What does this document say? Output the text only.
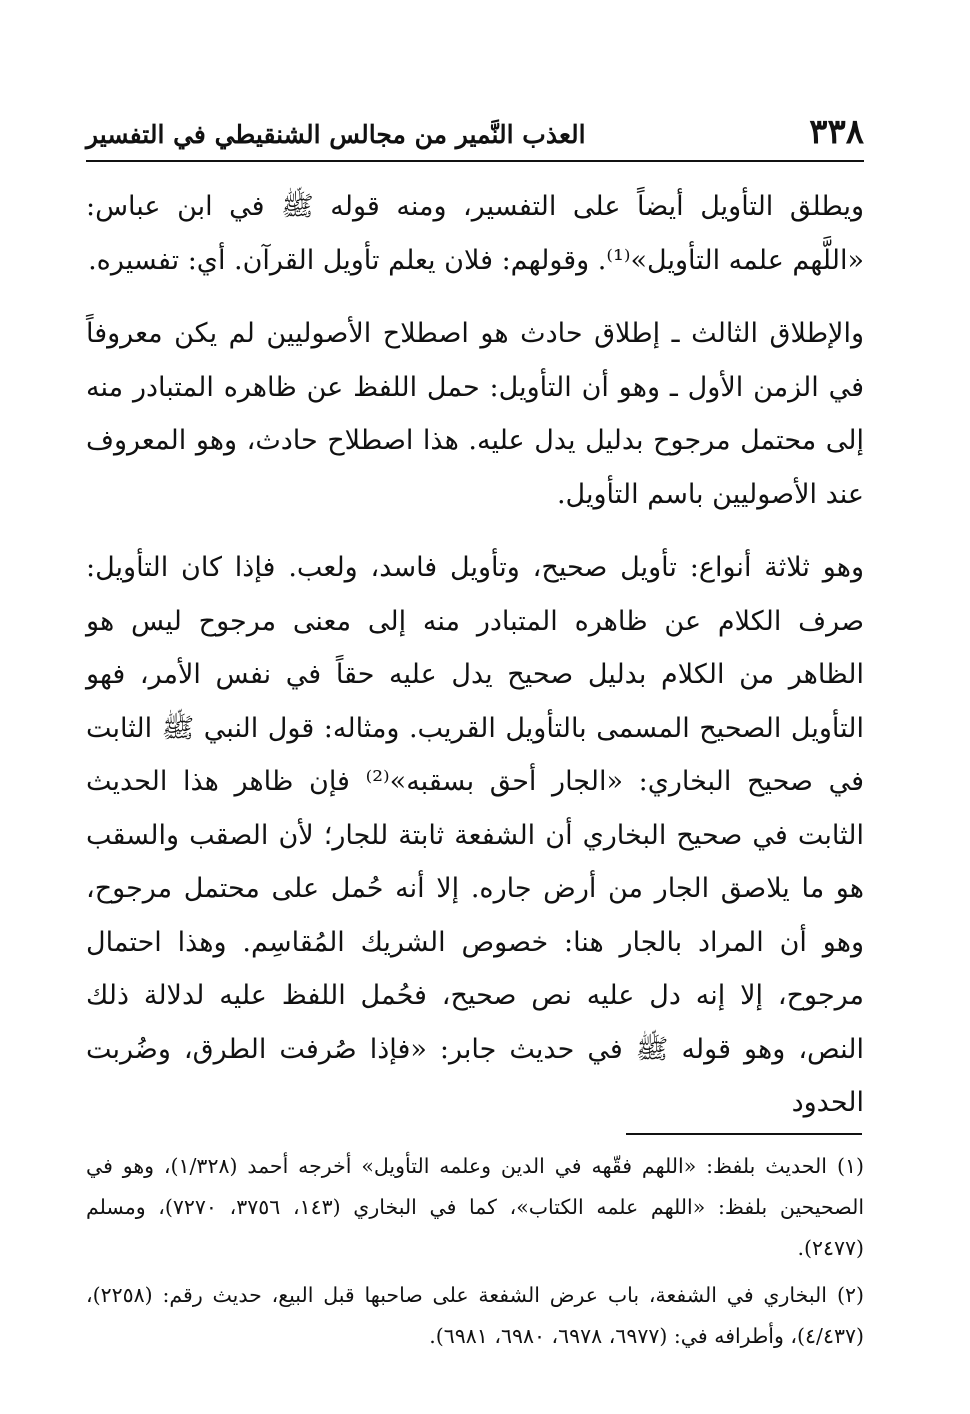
٣٣٨
العذب النَّمير من مجالس الشنقيطي في التفسير

ويطلق التأويل أيضاً على التفسير، ومنه قوله ﷺ في ابن عباس: «اللَّهم علمه التأويل»⁽¹⁾. وقولهم: فلان يعلم تأويل القرآن. أي: تفسيره.

والإطلاق الثالث ـ إطلاق حادث هو اصطلاح الأصوليين لم يكن معروفاً في الزمن الأول ـ وهو أن التأويل: حمل اللفظ عن ظاهره المتبادر منه إلى محتمل مرجوح بدليل يدل عليه. هذا اصطلاح حادث، وهو المعروف عند الأصوليين باسم التأويل.

وهو ثلاثة أنواع: تأويل صحيح، وتأويل فاسد، ولعب. فإذا كان التأويل: صرف الكلام عن ظاهره المتبادر منه إلى معنى مرجوح ليس هو الظاهر من الكلام بدليل صحيح يدل عليه حقاً في نفس الأمر، فهو التأويل الصحيح المسمى بالتأويل القريب. ومثاله: قول النبي ﷺ الثابت في صحيح البخاري: «الجار أحق بسقبه»⁽²⁾ فإن ظاهر هذا الحديث الثابت في صحيح البخاري أن الشفعة ثابتة للجار؛ لأن الصقب والسقب هو ما يلاصق الجار من أرض جاره. إلا أنه حُمل على محتمل مرجوح، وهو أن المراد بالجار هنا: خصوص الشريك المُقاسِم. وهذا احتمال مرجوح، إلا إنه دل عليه نص صحيح، فحُمل اللفظ عليه لدلالة ذلك النص، وهو قوله ﷺ في حديث جابر: «فإذا صُرفت الطرق، وضُربت الحدود

(١)الحديث بلفظ: «اللهم فقّهه في الدين وعلمه التأويل» أخرجه أحمد (١/٣٢٨)، وهو في الصحيحين بلفظ: «اللهم علمه الكتاب»، كما في البخاري (١٤٣، ٣٧٥٦، ٧٢٧٠)، ومسلم (٢٤٧٧).

(٢)البخاري في الشفعة، باب عرض الشفعة على صاحبها قبل البيع، حديث رقم: (٢٢٥٨)، (٤/٤٣٧)، وأطرافه في: (٦٩٧٧، ٦٩٧٨، ٦٩٨٠، ٦٩٨١).
